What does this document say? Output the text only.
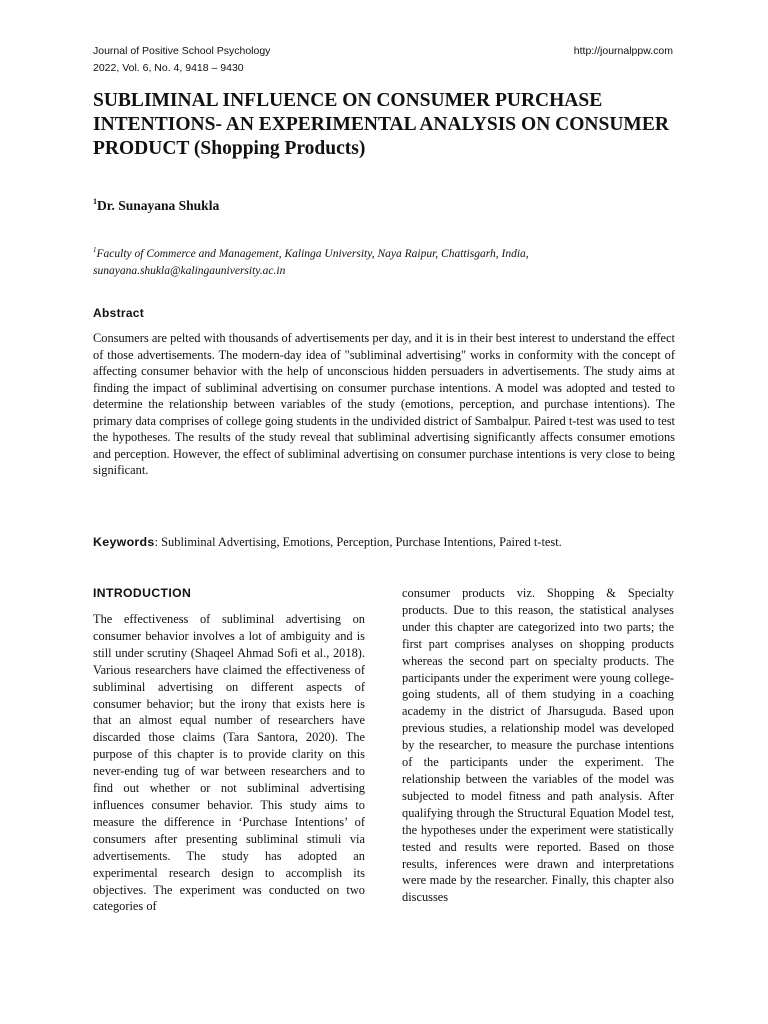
Journal of Positive School Psychology
2022, Vol. 6, No. 4, 9418 – 9430
http://journalppw.com
SUBLIMINAL INFLUENCE ON CONSUMER PURCHASE INTENTIONS- AN EXPERIMENTAL ANALYSIS ON CONSUMER PRODUCT (Shopping Products)
$^1$Dr. Sunayana Shukla
$^1$Faculty of Commerce and Management, Kalinga University, Naya Raipur, Chattisgarh, India,
sunayana.shukla@kalingauniversity.ac.in
Abstract

Consumers are pelted with thousands of advertisements per day, and it is in their best interest to understand the effect of those advertisements. The modern-day idea of "subliminal advertising" works in conformity with the concept of affecting consumer behavior with the help of unconscious hidden persuaders in advertisements. The study aims at finding the impact of subliminal advertising on consumer purchase intentions. A model was adopted and tested to determine the relationship between variables of the study (emotions, perception, and purchase intentions). The primary data comprises of college going students in the undivided district of Sambalpur. Paired t-test was used to test the hypotheses. The results of the study reveal that subliminal advertising significantly affects consumer emotions and perception. However, the effect of subliminal advertising on consumer purchase intentions is very close to being significant.

Keywords: Subliminal Advertising, Emotions, Perception, Purchase Intentions, Paired t-test.
INTRODUCTION

The effectiveness of subliminal advertising on consumer behavior involves a lot of ambiguity and is still under scrutiny (Shaqeel Ahmad Sofi et al., 2018). Various researchers have claimed the effectiveness of subliminal advertising on different aspects of consumer behavior; but the irony that exists here is that an almost equal number of researchers have discarded those claims (Tara Santora, 2020). The purpose of this chapter is to provide clarity on this never-ending tug of war between researchers and to find out whether or not subliminal advertising influences consumer behavior. This study aims to measure the difference in ‘Purchase Intentions’ of consumers after presenting subliminal stimuli via advertisements. The study has adopted an experimental research design to accomplish its objectives. The experiment was conducted on two categories of

consumer products viz. Shopping & Specialty products. Due to this reason, the statistical analyses under this chapter are categorized into two parts; the first part comprises analyses on shopping products whereas the second part on specialty products. The participants under the experiment were young college-going students, all of them studying in a coaching academy in the district of Jharsuguda. Based upon previous studies, a relationship model was developed by the researcher, to measure the purchase intentions of the participants under the experiment. The relationship between the variables of the model was subjected to model fitness and path analysis. After qualifying through the Structural Equation Model test, the hypotheses under the experiment were statistically tested and results were reported. Based on those results, inferences were drawn and interpretations were made by the researcher. Finally, this chapter also discusses
